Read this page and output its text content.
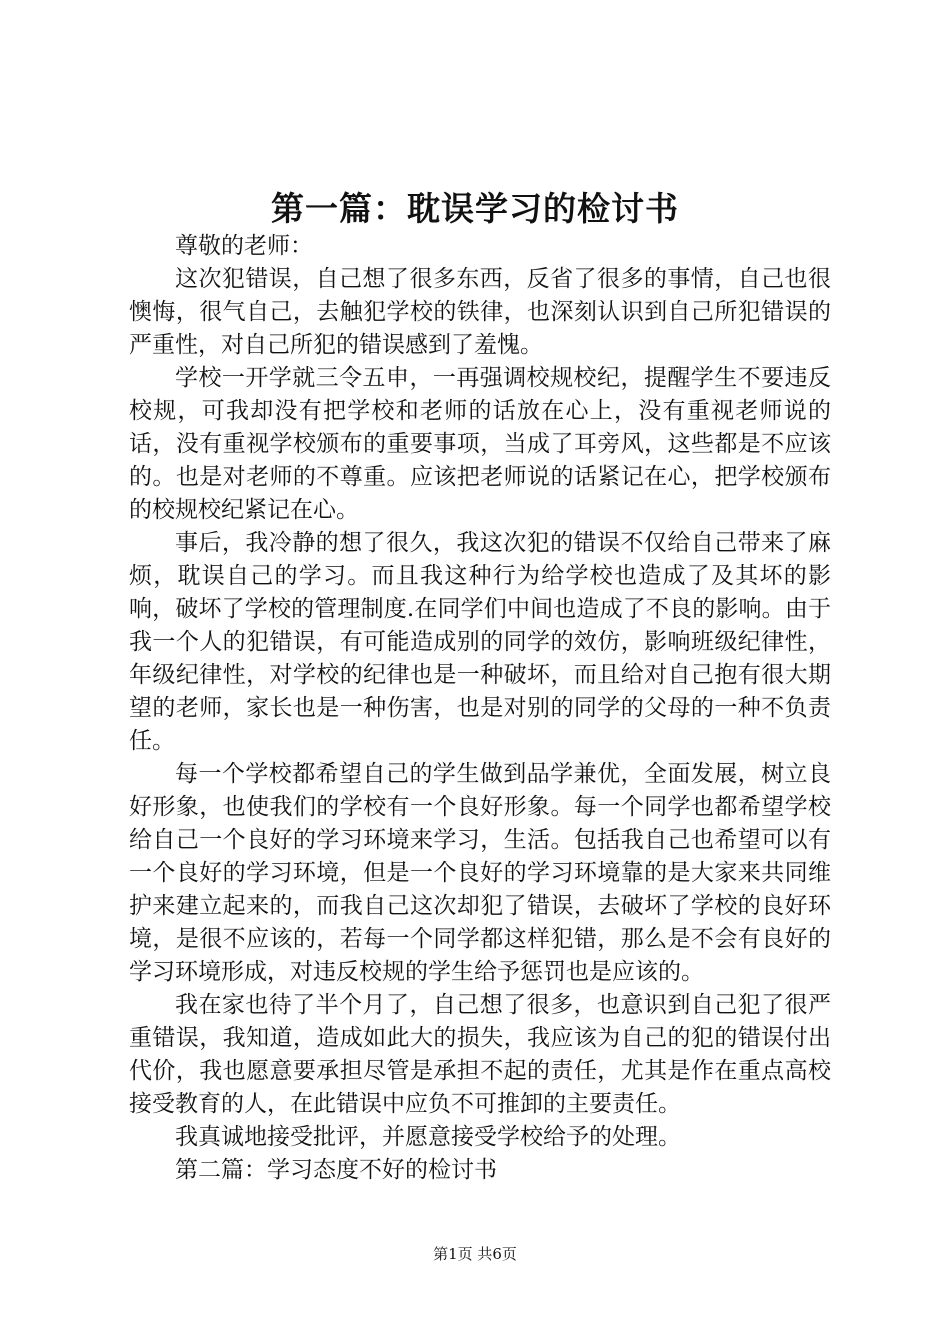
第一篇：耽误学习的检讨书

尊敬的老师：

这次犯错误，自己想了很多东西，反省了很多的事情，自己也很懊悔，很气自己，去触犯学校的铁律，也深刻认识到自己所犯错误的严重性，对自己所犯的错误感到了羞愧。

学校一开学就三令五申，一再强调校规校纪，提醒学生不要违反校规，可我却没有把学校和老师的话放在心上，没有重视老师说的话，没有重视学校颁布的重要事项，当成了耳旁风，这些都是不应该的。也是对老师的不尊重。应该把老师说的话紧记在心，把学校颁布的校规校纪紧记在心。

事后，我冷静的想了很久，我这次犯的错误不仅给自己带来了麻烦，耽误自己的学习。而且我这种行为给学校也造成了及其坏的影响，破坏了学校的管理制度.在同学们中间也造成了不良的影响。由于我一个人的犯错误，有可能造成别的同学的效仿，影响班级纪律性，年级纪律性，对学校的纪律也是一种破坏，而且给对自己抱有很大期望的老师，家长也是一种伤害，也是对别的同学的父母的一种不负责任。

每一个学校都希望自己的学生做到品学兼优，全面发展，树立良好形象，也使我们的学校有一个良好形象。每一个同学也都希望学校给自己一个良好的学习环境来学习，生活。包括我自己也希望可以有一个良好的学习环境，但是一个良好的学习环境靠的是大家来共同维护来建立起来的，而我自己这次却犯了错误，去破坏了学校的良好环境，是很不应该的，若每一个同学都这样犯错，那么是不会有良好的学习环境形成，对违反校规的学生给予惩罚也是应该的。

我在家也待了半个月了，自己想了很多，也意识到自己犯了很严重错误，我知道，造成如此大的损失，我应该为自己的犯的错误付出代价，我也愿意要承担尽管是承担不起的责任，尤其是作在重点高校接受教育的人，在此错误中应负不可推卸的主要责任。

我真诚地接受批评，并愿意接受学校给予的处理。

第二篇：学习态度不好的检讨书

第1页 共6页
